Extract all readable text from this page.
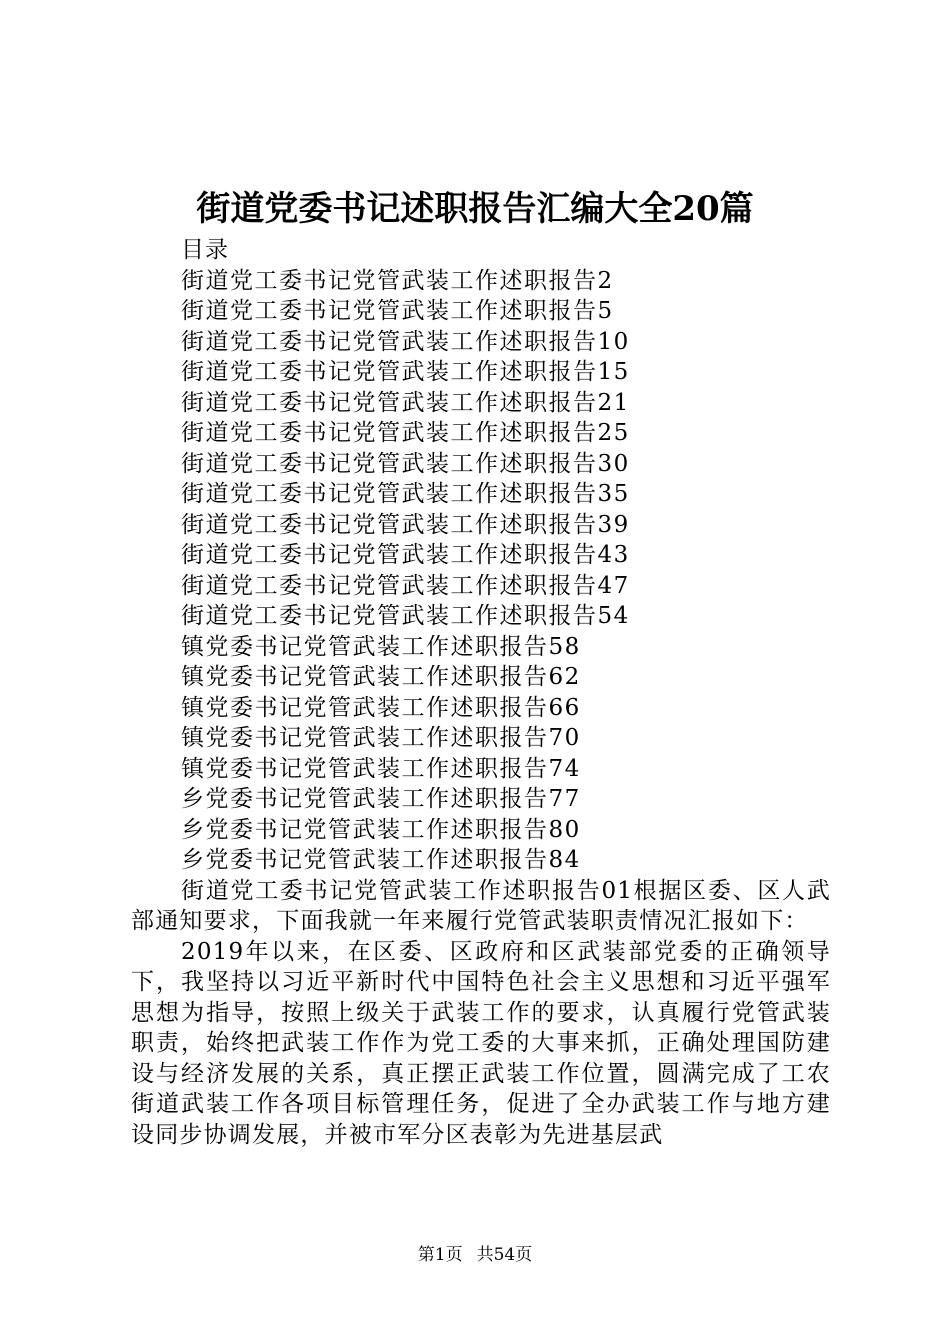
街道党委书记述职报告汇编大全20篇
目录
街道党工委书记党管武装工作述职报告2
街道党工委书记党管武装工作述职报告5
街道党工委书记党管武装工作述职报告10
街道党工委书记党管武装工作述职报告15
街道党工委书记党管武装工作述职报告21
街道党工委书记党管武装工作述职报告25
街道党工委书记党管武装工作述职报告30
街道党工委书记党管武装工作述职报告35
街道党工委书记党管武装工作述职报告39
街道党工委书记党管武装工作述职报告43
街道党工委书记党管武装工作述职报告47
街道党工委书记党管武装工作述职报告54
镇党委书记党管武装工作述职报告58
镇党委书记党管武装工作述职报告62
镇党委书记党管武装工作述职报告66
镇党委书记党管武装工作述职报告70
镇党委书记党管武装工作述职报告74
乡党委书记党管武装工作述职报告77
乡党委书记党管武装工作述职报告80
乡党委书记党管武装工作述职报告84

街道党工委书记党管武装工作述职报告01根据区委、区人武部通知要求，下面我就一年来履行党管武装职责情况汇报如下：

2019年以来，在区委、区政府和区武装部党委的正确领导下，我坚持以习近平新时代中国特色社会主义思想和习近平强军思想为指导，按照上级关于武装工作的要求，认真履行党管武装职责，始终把武装工作作为党工委的大事来抓，正确处理国防建设与经济发展的关系，真正摆正武装工作位置，圆满完成了工农街道武装工作各项目标管理任务，促进了全办武装工作与地方建设同步协调发展，并被市军分区表彰为先进基层武

第1页 共54页
